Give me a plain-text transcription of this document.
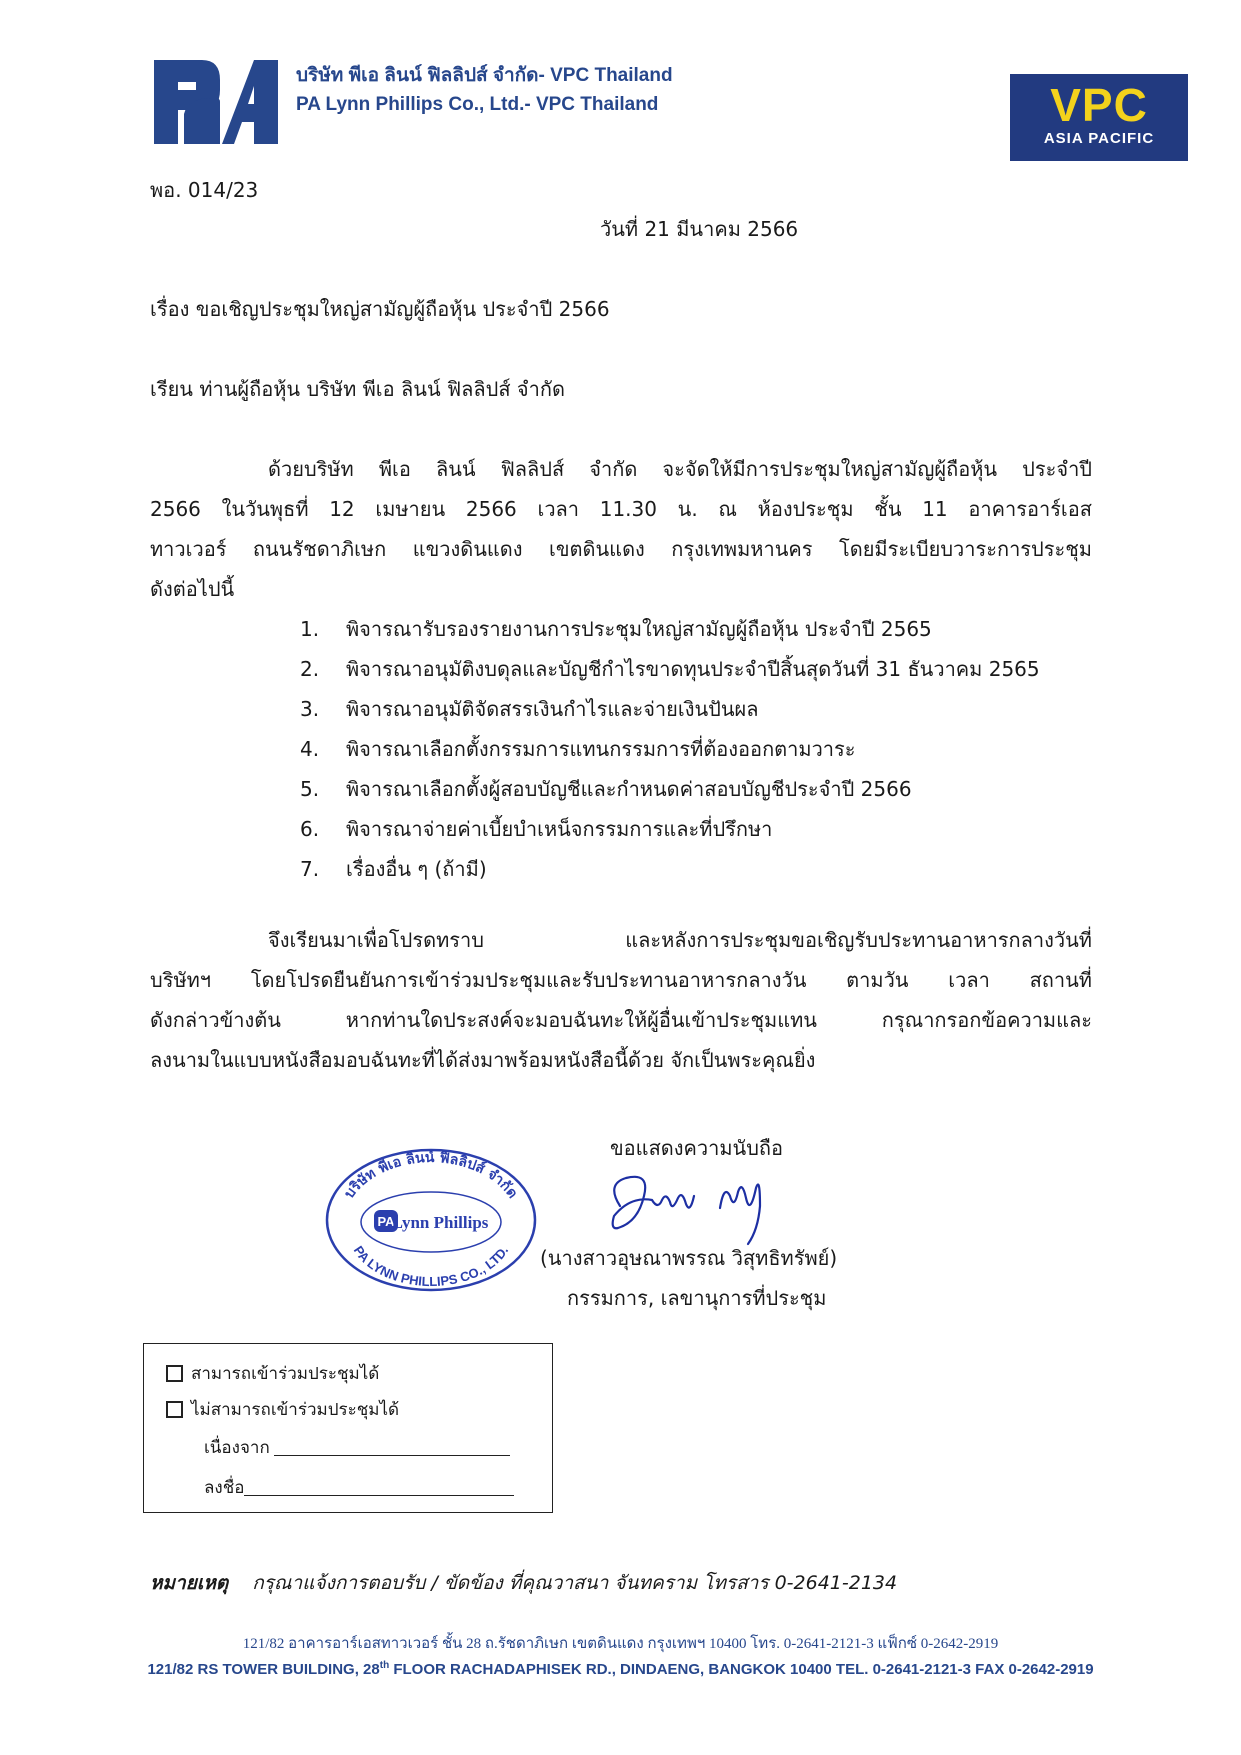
บริษัท พีเอ ลินน์ ฟิลลิปส์ จำกัด- VPC Thailand
PA Lynn Phillips Co., Ltd.- VPC Thailand	VPC
ASIA PACIFIC
พอ. 014/23
วันที่ 21 มีนาคม 2566
เรื่อง ขอเชิญประชุมใหญ่สามัญผู้ถือหุ้น ประจำปี 2566
เรียน ท่านผู้ถือหุ้น บริษัท พีเอ ลินน์ ฟิลลิปส์ จำกัด
ด้วยบริษัท พีเอ ลินน์ ฟิลลิปส์ จำกัด จะจัดให้มีการประชุมใหญ่สามัญผู้ถือหุ้น ประจำปี
2566 ในวันพุธที่ 12 เมษายน 2566 เวลา 11.30 น. ณ ห้องประชุม ชั้น 11 อาคารอาร์เอส
ทาวเวอร์ ถนนรัชดาภิเษก แขวงดินแดง เขตดินแดง กรุงเทพมหานคร โดยมีระเบียบวาระการประชุม
ดังต่อไปนี้
1. พิจารณารับรองรายงานการประชุมใหญ่สามัญผู้ถือหุ้น ประจำปี 2565
2. พิจารณาอนุมัติงบดุลและบัญชีกำไรขาดทุนประจำปีสิ้นสุดวันที่ 31 ธันวาคม 2565
3. พิจารณาอนุมัติจัดสรรเงินกำไรและจ่ายเงินปันผล
4. พิจารณาเลือกตั้งกรรมการแทนกรรมการที่ต้องออกตามวาระ
5. พิจารณาเลือกตั้งผู้สอบบัญชีและกำหนดค่าสอบบัญชีประจำปี 2566
6. พิจารณาจ่ายค่าเบี้ยบำเหน็จกรรมการและที่ปรึกษา
7. เรื่องอื่น ๆ (ถ้ามี)
จึงเรียนมาเพื่อโปรดทราบ และหลังการประชุมขอเชิญรับประทานอาหารกลางวันที่
บริษัทฯ โดยโปรดยืนยันการเข้าร่วมประชุมและรับประทานอาหารกลางวัน ตามวัน เวลา สถานที่
ดังกล่าวข้างต้น หากท่านใดประสงค์จะมอบฉันทะให้ผู้อื่นเข้าประชุมแทน กรุณากรอกข้อความและ
ลงนามในแบบหนังสือมอบฉันทะที่ได้ส่งมาพร้อมหนังสือนี้ด้วย จักเป็นพระคุณยิ่ง
ขอแสดงความนับถือ
บริษัท พีเอ ลินน์ ฟิลลิปส์ จำกัด
PA LYNN PHILLIPS CO., LTD.
PA
Lynn Phillips
(นางสาวอุษณาพรรณ วิสุทธิทรัพย์)
กรรมการ, เลขานุการที่ประชุม
สามารถเข้าร่วมประชุมได้
ไม่สามารถเข้าร่วมประชุมได้
เนื่องจาก
ลงชื่อ
หมายเหตุ กรุณาแจ้งการตอบรับ / ขัดข้อง ที่คุณวาสนา จันทคราม โทรสาร 0-2641-2134
121/82 อาคารอาร์เอสทาวเวอร์ ชั้น 28 ถ.รัชดาภิเษก เขตดินแดง กรุงเทพฯ 10400 โทร. 0-2641-2121-3 แฟ็กซ์ 0-2642-2919
121/82 RS TOWER BUILDING, 28th FLOOR RACHADAPHISEK RD., DINDAENG, BANGKOK 10400 TEL. 0-2641-2121-3 FAX 0-2642-2919
